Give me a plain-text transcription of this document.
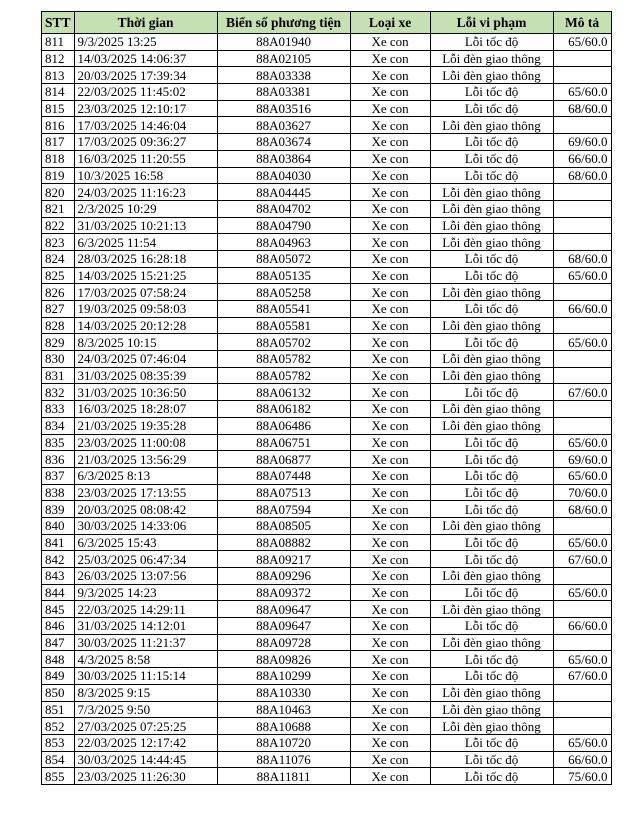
STT	Thời gian	Biển số phương tiện	Loại xe	Lỗi vi phạm	Mô tả
811	9/3/2025 13:25	88A01940	Xe con	Lỗi tốc độ	65/60.0
812	14/03/2025 14:06:37	88A02105	Xe con	Lỗi đèn giao thông	
813	20/03/2025 17:39:34	88A03338	Xe con	Lỗi đèn giao thông	
814	22/03/2025 11:45:02	88A03381	Xe con	Lỗi tốc độ	65/60.0
815	23/03/2025 12:10:17	88A03516	Xe con	Lỗi tốc độ	68/60.0
816	17/03/2025 14:46:04	88A03627	Xe con	Lỗi đèn giao thông	
817	17/03/2025 09:36:27	88A03674	Xe con	Lỗi tốc độ	69/60.0
818	16/03/2025 11:20:55	88A03864	Xe con	Lỗi tốc độ	66/60.0
819	10/3/2025 16:58	88A04030	Xe con	Lỗi tốc độ	68/60.0
820	24/03/2025 11:16:23	88A04445	Xe con	Lỗi đèn giao thông	
821	2/3/2025 10:29	88A04702	Xe con	Lỗi đèn giao thông	
822	31/03/2025 10:21:13	88A04790	Xe con	Lỗi đèn giao thông	
823	6/3/2025 11:54	88A04963	Xe con	Lỗi đèn giao thông	
824	28/03/2025 16:28:18	88A05072	Xe con	Lỗi tốc độ	68/60.0
825	14/03/2025 15:21:25	88A05135	Xe con	Lỗi tốc độ	65/60.0
826	17/03/2025 07:58:24	88A05258	Xe con	Lỗi đèn giao thông	
827	19/03/2025 09:58:03	88A05541	Xe con	Lỗi tốc độ	66/60.0
828	14/03/2025 20:12:28	88A05581	Xe con	Lỗi đèn giao thông	
829	8/3/2025 10:15	88A05702	Xe con	Lỗi tốc độ	65/60.0
830	24/03/2025 07:46:04	88A05782	Xe con	Lỗi đèn giao thông	
831	31/03/2025 08:35:39	88A05782	Xe con	Lỗi đèn giao thông	
832	31/03/2025 10:36:50	88A06132	Xe con	Lỗi tốc độ	67/60.0
833	16/03/2025 18:28:07	88A06182	Xe con	Lỗi đèn giao thông	
834	21/03/2025 19:35:28	88A06486	Xe con	Lỗi đèn giao thông	
835	23/03/2025 11:00:08	88A06751	Xe con	Lỗi tốc độ	65/60.0
836	21/03/2025 13:56:29	88A06877	Xe con	Lỗi tốc độ	69/60.0
837	6/3/2025 8:13	88A07448	Xe con	Lỗi tốc độ	65/60.0
838	23/03/2025 17:13:55	88A07513	Xe con	Lỗi tốc độ	70/60.0
839	20/03/2025 08:08:42	88A07594	Xe con	Lỗi tốc độ	68/60.0
840	30/03/2025 14:33:06	88A08505	Xe con	Lỗi đèn giao thông	
841	6/3/2025 15:43	88A08882	Xe con	Lỗi tốc độ	65/60.0
842	25/03/2025 06:47:34	88A09217	Xe con	Lỗi tốc độ	67/60.0
843	26/03/2025 13:07:56	88A09296	Xe con	Lỗi đèn giao thông	
844	9/3/2025 14:23	88A09372	Xe con	Lỗi tốc độ	65/60.0
845	22/03/2025 14:29:11	88A09647	Xe con	Lỗi đèn giao thông	
846	31/03/2025 14:12:01	88A09647	Xe con	Lỗi tốc độ	66/60.0
847	30/03/2025 11:21:37	88A09728	Xe con	Lỗi đèn giao thông	
848	4/3/2025 8:58	88A09826	Xe con	Lỗi tốc độ	65/60.0
849	30/03/2025 11:15:14	88A10299	Xe con	Lỗi tốc độ	67/60.0
850	8/3/2025 9:15	88A10330	Xe con	Lỗi đèn giao thông	
851	7/3/2025 9:50	88A10463	Xe con	Lỗi đèn giao thông	
852	27/03/2025 07:25:25	88A10688	Xe con	Lỗi đèn giao thông	
853	22/03/2025 12:17:42	88A10720	Xe con	Lỗi tốc độ	65/60.0
854	30/03/2025 14:44:45	88A11076	Xe con	Lỗi tốc độ	66/60.0
855	23/03/2025 11:26:30	88A11811	Xe con	Lỗi tốc độ	75/60.0
